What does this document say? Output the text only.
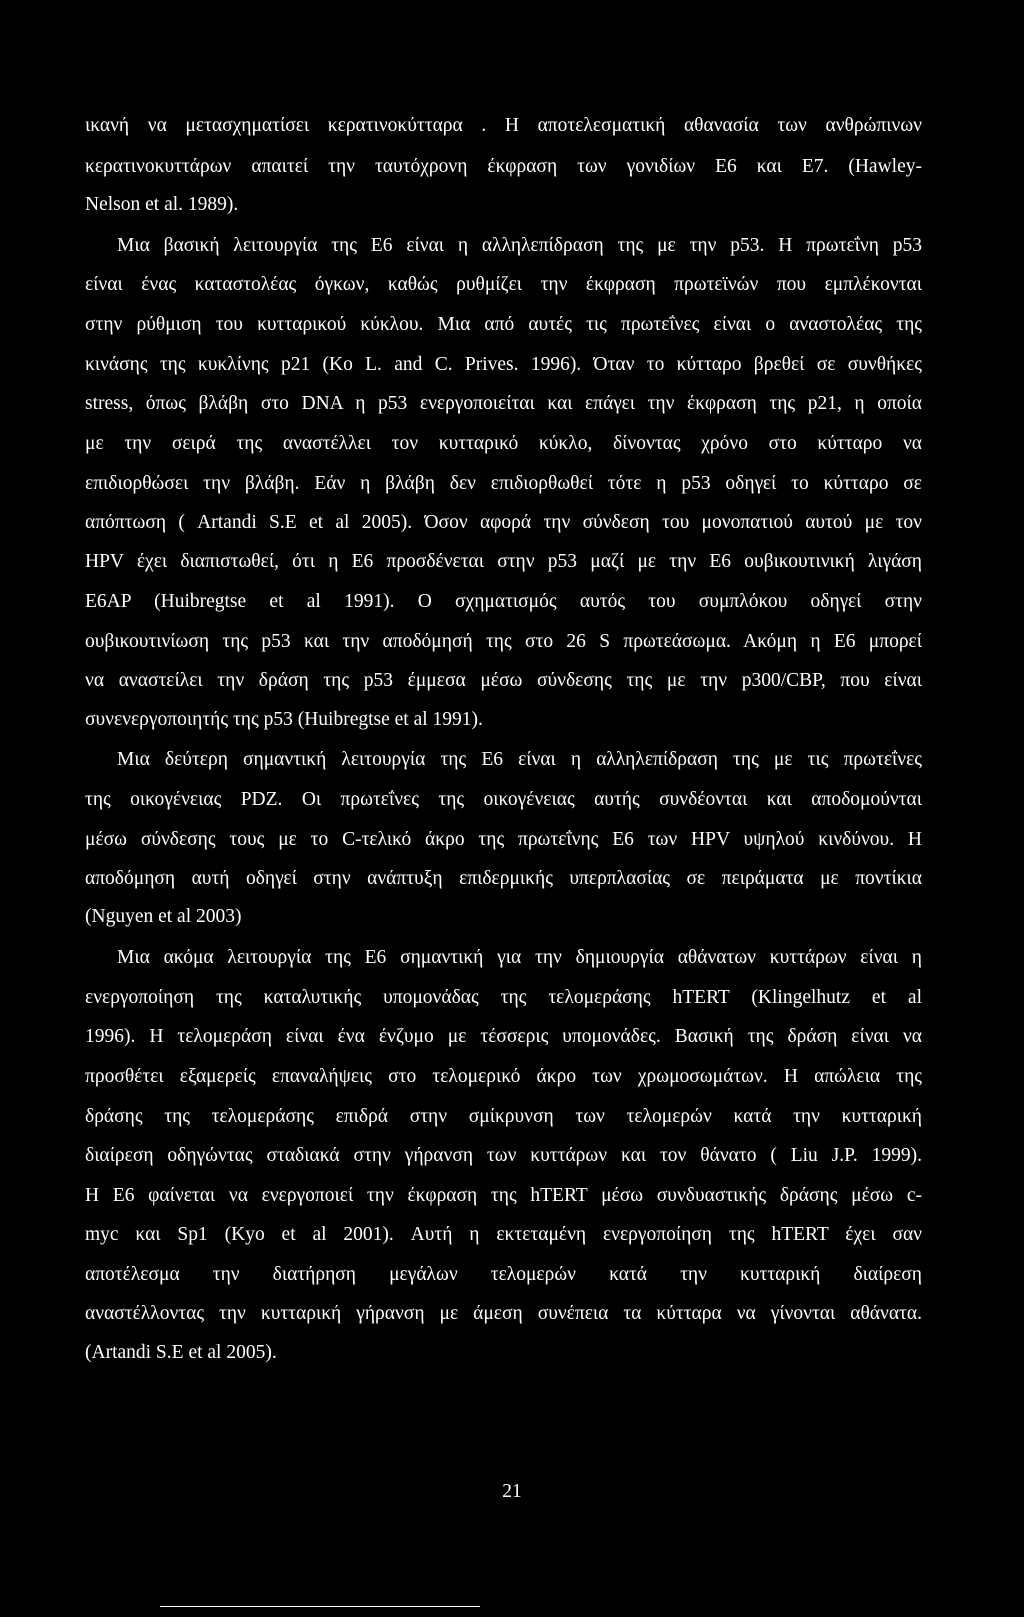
ικανή να μετασχηματίσει κερατινοκύτταρα . Η αποτελεσματική αθανασία των ανθρώπινων
κερατινοκυττάρων απαιτεί την ταυτόχρονη έκφραση των γονιδίων Ε6 και Ε7. (Hawley-
Nelson et al. 1989).
Μια βασική λειτουργία της Ε6 είναι η αλληλεπίδραση της με την p53. Η πρωτεΐνη p53
είναι ένας καταστολέας όγκων, καθώς ρυθμίζει την έκφραση πρωτεϊνών που εμπλέκονται
στην ρύθμιση του κυτταρικού κύκλου. Μια από αυτές τις πρωτεΐνες είναι ο αναστολέας της
κινάσης της κυκλίνης p21 (Ko L. and C. Prives. 1996). Όταν το κύτταρο βρεθεί σε συνθήκες
stress, όπως βλάβη στο DNA η p53 ενεργοποιείται και επάγει την έκφραση της p21, η οποία
με την σειρά της αναστέλλει τον κυτταρικό κύκλο, δίνοντας χρόνο στο κύτταρο να
επιδιορθώσει την βλάβη. Εάν η βλάβη δεν επιδιορθωθεί τότε η p53 οδηγεί το κύτταρο σε
απόπτωση ( Artandi S.E et al 2005). Όσον αφορά την σύνδεση του μονοπατιού αυτού με τον
HPV έχει διαπιστωθεί, ότι η Ε6 προσδένεται στην p53 μαζί με την Ε6 ουβικουτινική λιγάση
E6AP (Huibregtse et al 1991). Ο σχηματισμός αυτός του συμπλόκου οδηγεί στην
ουβικουτινίωση της p53 και την αποδόμησή της στο 26 S πρωτεάσωμα. Ακόμη η Ε6 μπορεί
να αναστείλει την δράση της p53 έμμεσα μέσω σύνδεσης της με την p300/CBP, που είναι
συνενεργοποιητής της p53 (Huibregtse et al 1991).
Μια δεύτερη σημαντική λειτουργία της Ε6 είναι η αλληλεπίδραση της με τις πρωτεΐνες
της οικογένειας PDZ. Οι πρωτεΐνες της οικογένειας αυτής συνδέονται και αποδομούνται
μέσω σύνδεσης τους με το C-τελικό άκρο της πρωτεΐνης Ε6 των HPV υψηλού κινδύνου. Η
αποδόμηση αυτή οδηγεί στην ανάπτυξη επιδερμικής υπερπλασίας σε πειράματα με ποντίκια
(Nguyen et al 2003)
Μια ακόμα λειτουργία της Ε6 σημαντική για την δημιουργία αθάνατων κυττάρων είναι η
ενεργοποίηση της καταλυτικής υπομονάδας της τελομεράσης hTERT (Klingelhutz et al
1996). Η τελομεράση είναι ένα ένζυμο με τέσσερις υπομονάδες. Βασική της δράση είναι να
προσθέτει εξαμερείς επαναλήψεις στο τελομερικό άκρο των χρωμοσωμάτων. Η απώλεια της
δράσης της τελομεράσης επιδρά στην σμίκρυνση των τελομερών κατά την κυτταρική
διαίρεση οδηγώντας σταδιακά στην γήρανση των κυττάρων και τον θάνατο ( Liu J.P. 1999).
Η Ε6 φαίνεται να ενεργοποιεί την έκφραση της hTERT μέσω συνδυαστικής δράσης μέσω c-
myc και Sp1 (Kyo et al 2001). Αυτή η εκτεταμένη ενεργοποίηση της hTERT έχει σαν
αποτέλεσμα την διατήρηση μεγάλων τελομερών κατά την κυτταρική διαίρεση
αναστέλλοντας την κυτταρική γήρανση με άμεση συνέπεια τα κύτταρα να γίνονται αθάνατα.
(Artandi S.E et al 2005).
21
